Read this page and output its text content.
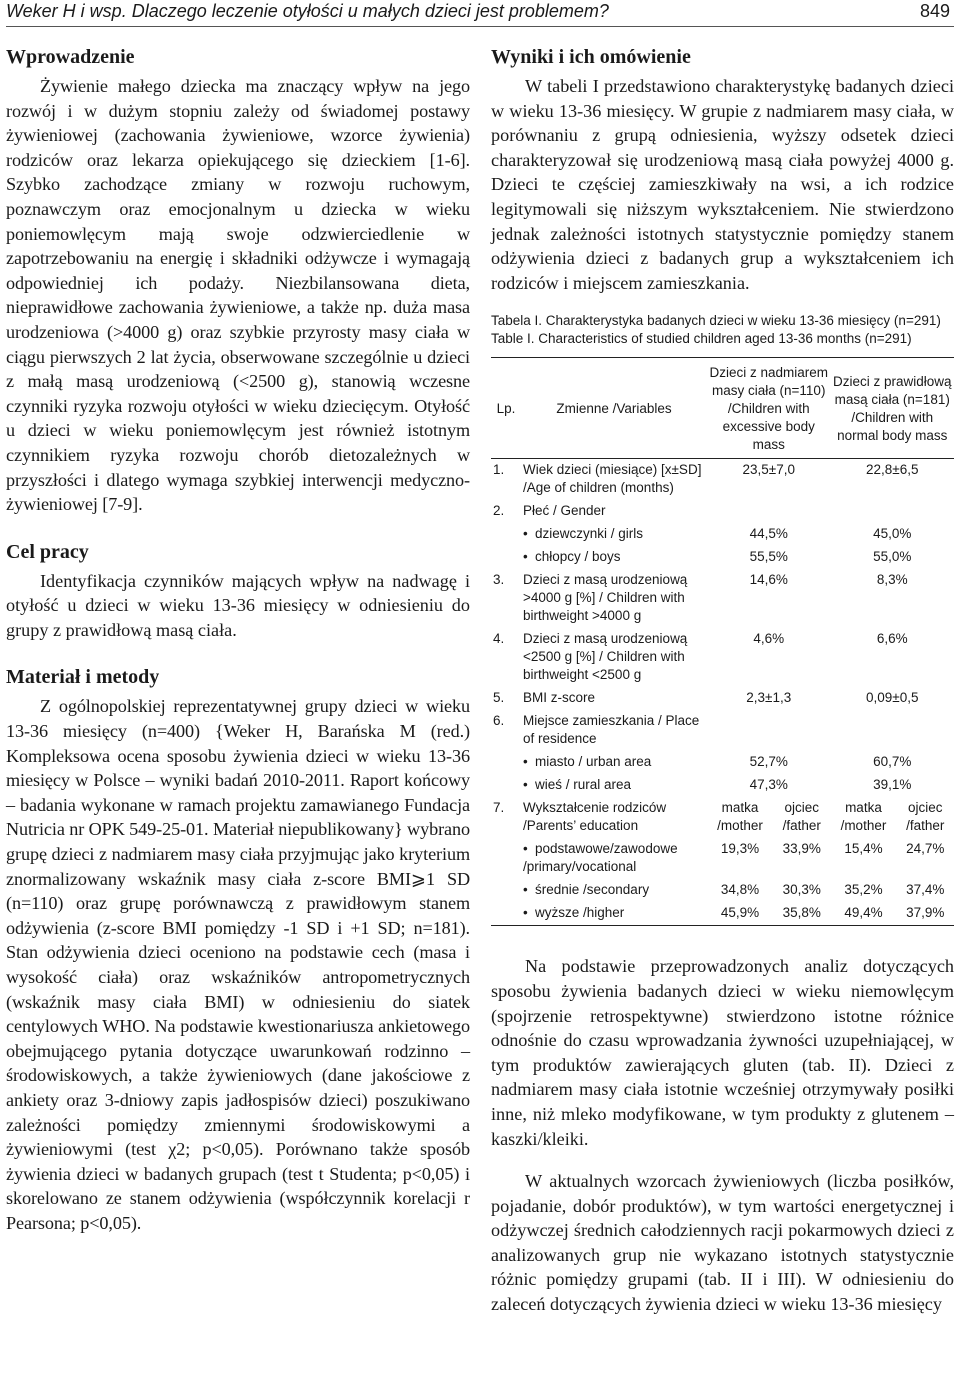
Weker H i wsp. Dlaczego leczenie otyłości u małych dzieci jest problemem?	849
Wprowadzenie

Żywienie małego dziecka ma znaczący wpływ na jego rozwój i w dużym stopniu zależy od świadomej postawy żywieniowej (zachowania żywieniowe, wzorce żywienia) rodziców oraz lekarza opiekującego się dzieckiem [1-6]. Szybko zachodzące zmiany w rozwoju ruchowym, poznawczym oraz emocjonalnym u dziecka w wieku poniemowlęcym mają swoje odzwierciedlenie w zapotrzebowaniu na energię i składniki odżywcze i wymagają odpowiedniej ich podaży. Niezbilansowana dieta, nieprawidłowe zachowania żywieniowe, a także np. duża masa urodzeniowa (>4000 g) oraz szybkie przyrosty masy ciała w ciągu pierwszych 2 lat życia, obserwowane szczególnie u dzieci z małą masą urodzeniową (<2500 g), stanowią wczesne czynniki ryzyka rozwoju otyłości w wieku dziecięcym. Otyłość u dzieci w wieku poniemowlęcym jest również istotnym czynnikiem ryzyka rozwoju chorób dietozależnych w przyszłości i dlatego wymaga szybkiej interwencji medyczno-żywieniowej [7-9].

Cel pracy

Identyfikacja czynników mających wpływ na nadwagę i otyłość u dzieci w wieku 13-36 miesięcy w odniesieniu do grupy z prawidłową masą ciała.

Materiał i metody

Z ogólnopolskiej reprezentatywnej grupy dzieci w wieku 13-36 miesięcy (n=400) {Weker H, Barańska M (red.) Kompleksowa ocena sposobu żywienia dzieci w wieku 13-36 miesięcy w Polsce – wyniki badań 2010-2011. Raport końcowy – badania wykonane w ramach projektu zamawianego Fundacja Nutricia nr OPK 549-25-01. Materiał niepublikowany} wybrano grupę dzieci z nadmiarem masy ciała przyjmując jako kryterium znormalizowany wskaźnik masy ciała z-score BMI⩾1 SD (n=110) oraz grupę porównawczą z prawidłowym stanem odżywienia (z-score BMI pomiędzy -1 SD i +1 SD; n=181). Stan odżywienia dzieci oceniono na podstawie cech (masa i wysokość ciała) oraz wskaźników antropometrycznych (wskaźnik masy ciała BMI) w odniesieniu do siatek centylowych WHO. Na podstawie kwestionariusza ankietowego obejmującego pytania dotyczące uwarunkowań rodzinno – środowiskowych, a także żywieniowych (dane jakościowe z ankiety oraz 3-dniowy zapis jadłospisów dzieci) poszukiwano zależności pomiędzy zmiennymi środowiskowymi a żywieniowymi (test χ2; p<0,05). Porównano także sposób żywienia dzieci w badanych grupach (test t Studenta; p<0,05) i skorelowano ze stanem odżywienia (współczynnik korelacji r Pearsona; p<0,05).

Wyniki i ich omówienie

W tabeli I przedstawiono charakterystykę badanych dzieci w wieku 13-36 miesięcy. W grupie z nadmiarem masy ciała, w porównaniu z grupą odniesienia, wyższy odsetek dzieci charakteryzował się urodzeniową masą ciała powyżej 4000 g. Dzieci te częściej zamieszkiwały na wsi, a ich rodzice legitymowali się niższym wykształceniem. Nie stwierdzono jednak zależności istotnych statystycznie pomiędzy stanem odżywienia dzieci z badanych grup a wykształceniem ich rodziców i miejscem zamieszkania.

Tabela I. Charakterystyka badanych dzieci w wieku 13-36 miesięcy (n=291)
Table I. Characteristics of studied children aged 13-36 months (n=291)
Lp.	Zmienne /Variables	Dzieci z nadmiarem masy ciała (n=110) /Children with excessive body mass		Dzieci z prawidłową masą ciała (n=181) /Children with normal body mass	
1.	Wiek dzieci (miesiące) [x±SD] /Age of children (months)	23,5±7,0		22,8±6,5	
2.	Płeć / Gender				
	• dziewczynki / girls	44,5%		45,0%	
	• chłopcy / boys	55,5%		55,0%	
3.	Dzieci z masą urodzeniową >4000 g [%] / Children with birthweight >4000 g	14,6%		8,3%	
4.	Dzieci z masą urodzeniową <2500 g [%] / Children with birthweight <2500 g	4,6%		6,6%	
5.	BMI z-score	2,3±1,3		0,09±0,5	
6.	Miejsce zamieszkania / Place of residence				
	• miasto / urban area	52,7%		60,7%	
	• wieś / rural area	47,3%		39,1%	
7.	Wykształcenie rodziców /Parents’ education	matka /mother	ojciec /father	matka /mother	ojciec /father
	• podstawowe/zawodowe /primary/vocational	19,3%	33,9%	15,4%	24,7%
	• średnie /secondary	34,8%	30,3%	35,2%	37,4%
	• wyższe /higher	45,9%	35,8%	49,4%	37,9%

Na podstawie przeprowadzonych analiz dotyczących sposobu żywienia badanych dzieci w wieku niemowlęcym (spojrzenie retrospektywne) stwierdzono istotne różnice odnośnie do czasu wprowadzania żywności uzupełniającej, w tym produktów zawierających gluten (tab. II). Dzieci z nadmiarem masy ciała istotnie wcześniej otrzymywały posiłki inne, niż mleko modyfikowane, w tym produkty z glutenem – kaszki/kleiki.

W aktualnych wzorcach żywieniowych (liczba posiłków, pojadanie, dobór produktów), w tym wartości energetycznej i odżywczej średnich całodziennych racji pokarmowych dzieci z analizowanych grup nie wykazano istotnych statystycznie różnic pomiędzy grupami (tab. II i III). W odniesieniu do zaleceń dotyczących żywienia dzieci w wieku 13-36 miesięcy
